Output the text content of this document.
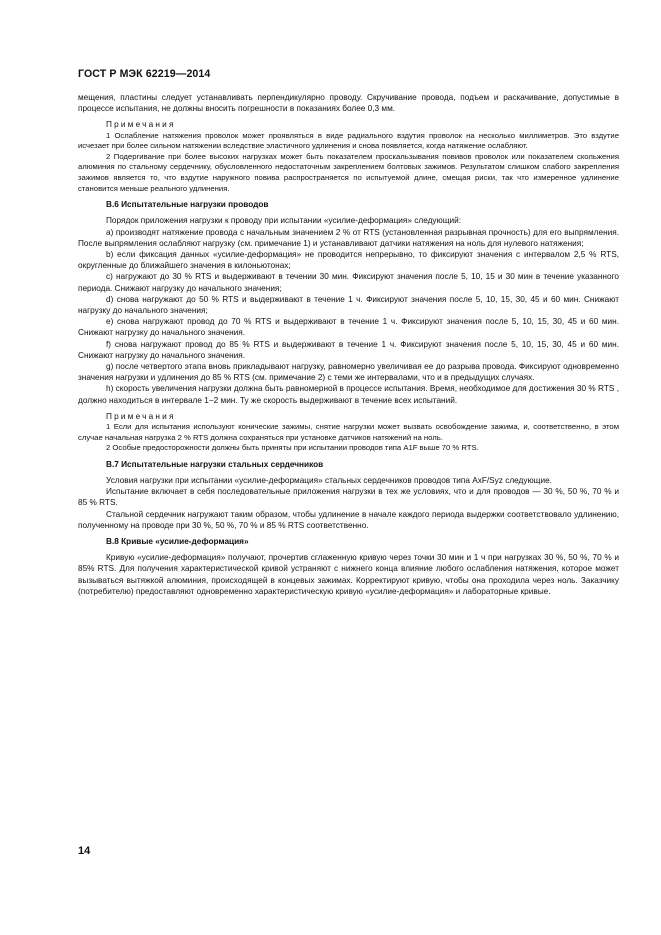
ГОСТ Р МЭК 62219—2014

мещения, пластины следует устанавливать перпендикулярно проводу. Скручивание провода, подъем и раскачивание, допустимые в процессе испытания, не должны вносить погрешности в показаниях более 0,3 мм.

Примечания

1 Ослабление натяжения проволок может проявляться в виде радиального вздутия проволок на несколько миллиметров. Это вздутие исчезает при более сильном натяжении вследствие эластичного удлинения и снова появляется, когда натяжение ослабляют.

2 Подергивание при более высоких нагрузках может быть показателем проскальзывания повивов проволок или показателем скольжения алюминия по стальному сердечнику, обусловленного недостаточным закреплением болтовых зажимов. Результатом слишком слабого закрепления зажимов является то, что вздутие наружного повива распространяется по испытуемой длине, смещая риски, так что измеренное удлинение становится меньше реального удлинения.

В.6 Испытательные нагрузки проводов

Порядок приложения нагрузки к проводу при испытании «усилие-деформация» следующий:

a) производят натяжение провода с начальным значением 2 % от RTS (установленная разрывная прочность) для его выпрямления. После выпрямления ослабляют нагрузку (см. примечание 1) и устанавливают датчики натяжения на ноль для нулевого натяжения;

b) если фиксация данных «усилие-деформация» не проводится непрерывно, то фиксируют значения с интервалом 2,5 % RTS, округленные до ближайшего значения в килоньютонах;

c) нагружают до 30 % RTS и выдерживают в течении 30 мин. Фиксируют значения после 5, 10, 15 и 30 мин в течение указанного периода. Снижают нагрузку до начального значения;

d) снова нагружают до 50 % RTS и выдерживают в течение 1 ч. Фиксируют значения после 5, 10, 15, 30, 45 и 60 мин. Снижают нагрузку до начального значения;

e) снова нагружают провод до 70 % RTS и выдерживают в течение 1 ч. Фиксируют значения после 5, 10, 15, 30, 45 и 60 мин. Снижают нагрузку до начального значения.

f) снова нагружают провод до 85 % RTS и выдерживают в течение 1 ч. Фиксируют значения после 5, 10, 15, 30, 45 и 60 мин. Снижают нагрузку до начального значения.

g) после четвертого этапа вновь прикладывают нагрузку, равномерно увеличивая ее до разрыва провода. Фиксируют одновременно значения нагрузки и удлинения до 85 % RTS (см. примечание 2) с теми же интервалами, что и в предыдущих случаях.

h) скорость увеличения нагрузки должна быть равномерной в процессе испытания. Время, необходимое для достижения 30 % RTS , должно находиться в интервале 1−2 мин. Ту же скорость выдерживают в течение всех испытаний.

Примечания

1 Если для испытания используют конические зажимы, снятие нагрузки может вызвать освобождение зажима, и, соответственно, в этом случае начальная нагрузка 2 % RTS должна сохраняться при установке датчиков натяжений на ноль.

2 Особые предосторожности должны быть приняты при испытании проводов типа A1F выше 70 % RTS.

В.7 Испытательные нагрузки стальных сердечников

Условия нагрузки при испытании «усилие-деформация» стальных сердечников проводов типа AxF/Syz следующие.

Испытание включает в себя последовательные приложения нагрузки в тех же условиях, что и для проводов — 30 %, 50 %, 70 % и 85 % RTS.

Стальной сердечник нагружают таким образом, чтобы удлинение в начале каждого периода выдержки соответствовало удлинению, полученному на проводе при 30 %, 50 %, 70 % и 85 % RTS соответственно.

В.8 Кривые «усилие-деформация»

Кривую «усилие-деформация» получают, прочертив сглаженную кривую через точки 30 мин и 1 ч при нагрузках 30 %, 50 %, 70 % и 85% RTS. Для получения характеристической кривой устраняют с нижнего конца влияние любого ослабления натяжения, которое может вызываться вытяжкой алюминия, происходящей в концевых зажимах. Корректируют кривую, чтобы она проходила через ноль. Заказчику (потребителю) предоставляют одновременно характеристическую кривую «усилие-деформация» и лабораторные кривые.

14
